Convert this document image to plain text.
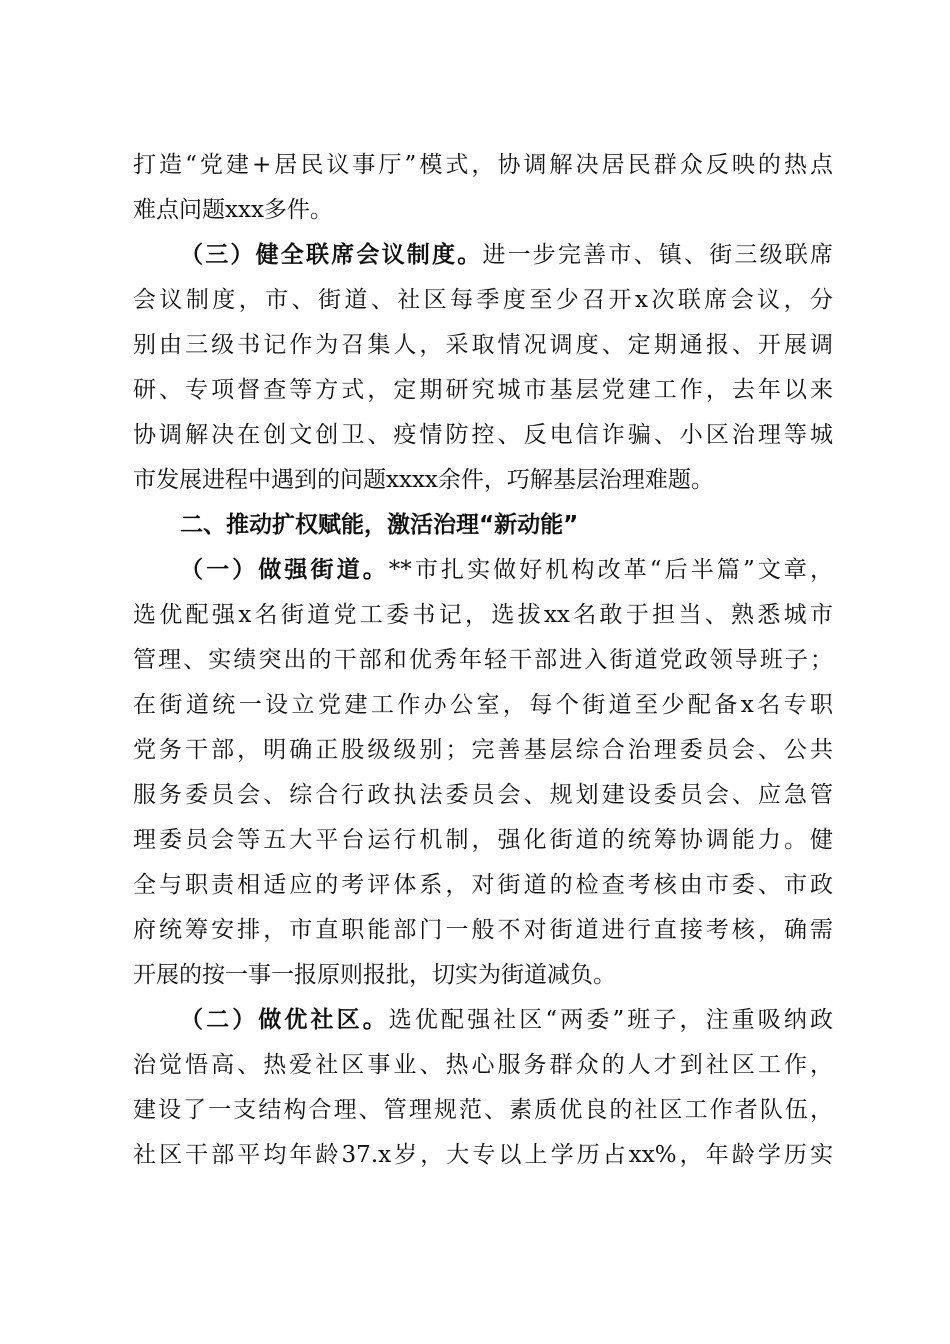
打造“党建+居民议事厅”模式，协调解决居民群众反映的热点
难点问题xxx多件。
（三）健全联席会议制度。进一步完善市、镇、街三级联席
会议制度，市、街道、社区每季度至少召开x次联席会议，分
别由三级书记作为召集人，采取情况调度、定期通报、开展调
研、专项督查等方式，定期研究城市基层党建工作，去年以来
协调解决在创文创卫、疫情防控、反电信诈骗、小区治理等城
市发展进程中遇到的问题xxxx余件，巧解基层治理难题。
二、推动扩权赋能，激活治理“新动能”
（一）做强街道。**市扎实做好机构改革“后半篇”文章，
选优配强x名街道党工委书记，选拔xx名敢于担当、熟悉城市
管理、实绩突出的干部和优秀年轻干部进入街道党政领导班子；
在街道统一设立党建工作办公室，每个街道至少配备x名专职
党务干部，明确正股级级别；完善基层综合治理委员会、公共
服务委员会、综合行政执法委员会、规划建设委员会、应急管
理委员会等五大平台运行机制，强化街道的统筹协调能力。健
全与职责相适应的考评体系，对街道的检查考核由市委、市政
府统筹安排，市直职能部门一般不对街道进行直接考核，确需
开展的按一事一报原则报批，切实为街道减负。
（二）做优社区。选优配强社区“两委”班子，注重吸纳政
治觉悟高、热爱社区事业、热心服务群众的人才到社区工作，
建设了一支结构合理、管理规范、素质优良的社区工作者队伍，
社区干部平均年龄37.x岁，大专以上学历占xx%，年龄学历实
